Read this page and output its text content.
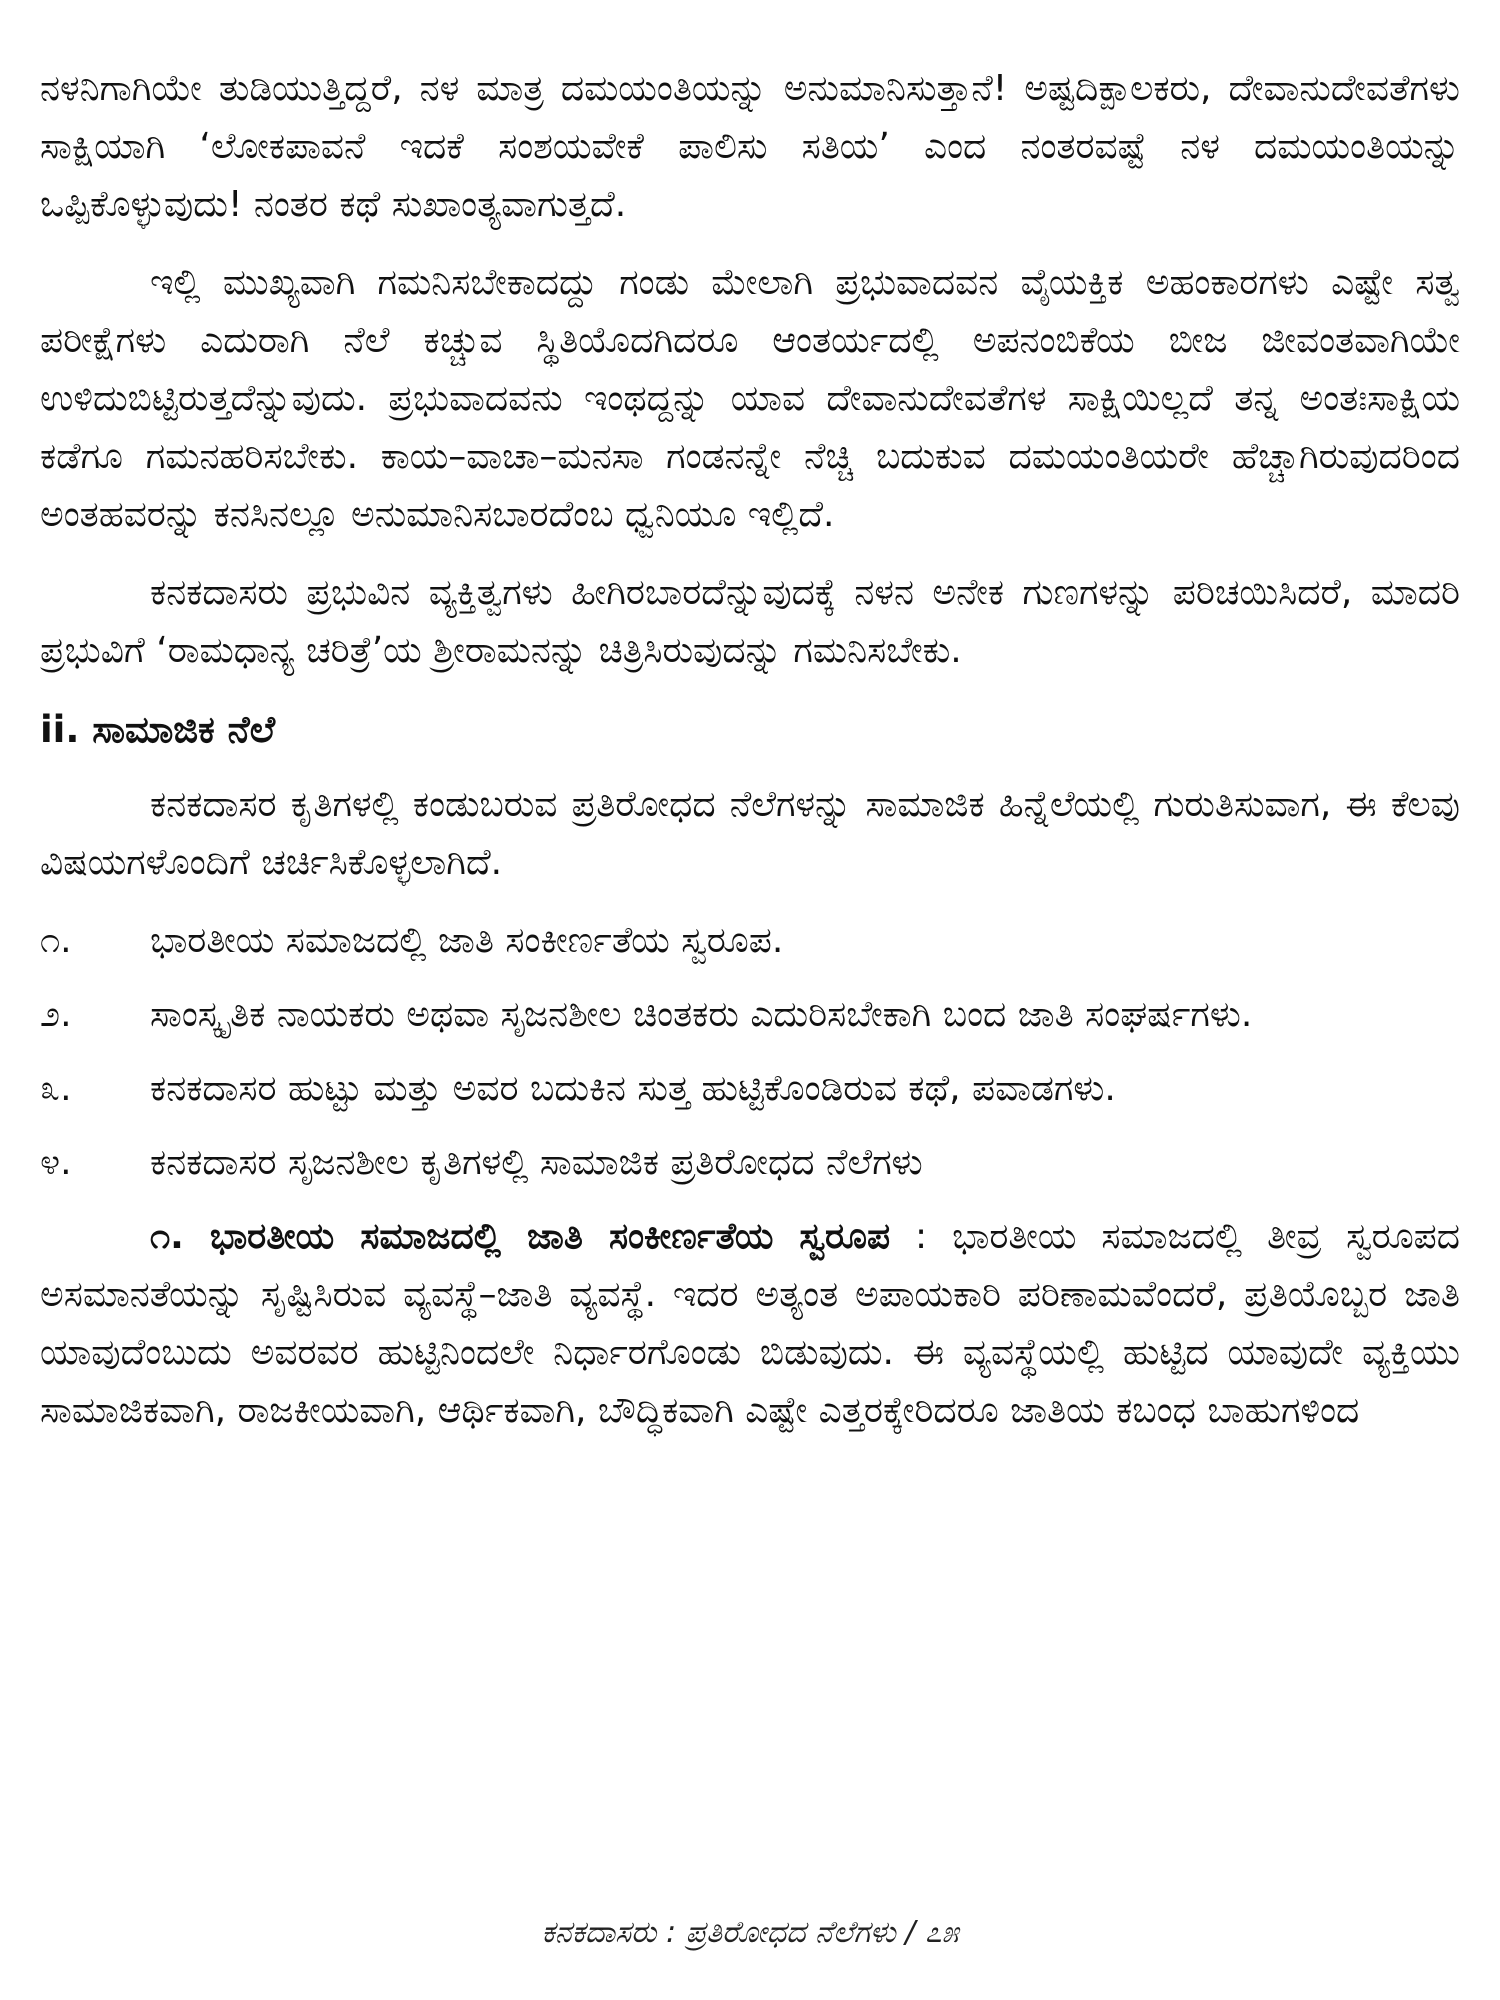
ನಳನಿಗಾಗಿಯೇ ತುಡಿಯುತ್ತಿದ್ದರೆ, ನಳ ಮಾತ್ರ ದಮಯಂತಿಯನ್ನು ಅನುಮಾನಿಸುತ್ತಾನೆ! ಅಷ್ಟದಿಕ್ಪಾಲಕರು, ದೇವಾನುದೇವತೆಗಳು ಸಾಕ್ಷಿಯಾಗಿ ‘ಲೋಕಪಾವನೆ ಇದಕೆ ಸಂಶಯವೇಕೆ ಪಾಲಿಸು ಸತಿಯ’ ಎಂದ ನಂತರವಷ್ಟೆ ನಳ ದಮಯಂತಿಯನ್ನು ಒಪ್ಪಿಕೊಳ್ಳುವುದು! ನಂತರ ಕಥೆ ಸುಖಾಂತ್ಯವಾಗುತ್ತದೆ.

ಇಲ್ಲಿ ಮುಖ್ಯವಾಗಿ ಗಮನಿಸಬೇಕಾದದ್ದು ಗಂಡು ಮೇಲಾಗಿ ಪ್ರಭುವಾದವನ ವೈಯಕ್ತಿಕ ಅಹಂಕಾರಗಳು ಎಷ್ಟೇ ಸತ್ವ ಪರೀಕ್ಷೆಗಳು ಎದುರಾಗಿ ನೆಲೆ ಕಚ್ಚುವ ಸ್ಥಿತಿಯೊದಗಿದರೂ ಆಂತರ್ಯದಲ್ಲಿ ಅಪನಂಬಿಕೆಯ ಬೀಜ ಜೀವಂತವಾಗಿಯೇ ಉಳಿದುಬಿಟ್ಟಿರುತ್ತದೆನ್ನುವುದು. ಪ್ರಭುವಾದವನು ಇಂಥದ್ದನ್ನು ಯಾವ ದೇವಾನುದೇವತೆಗಳ ಸಾಕ್ಷಿಯಿಲ್ಲದೆ ತನ್ನ ಅಂತಃಸಾಕ್ಷಿಯ ಕಡೆಗೂ ಗಮನಹರಿಸಬೇಕು. ಕಾಯ–ವಾಚಾ–ಮನಸಾ ಗಂಡನನ್ನೇ ನೆಚ್ಚಿ ಬದುಕುವ ದಮಯಂತಿಯರೇ ಹೆಚ್ಚಾಗಿರುವುದರಿಂದ ಅಂತಹವರನ್ನು ಕನಸಿನಲ್ಲೂ ಅನುಮಾನಿಸಬಾರದೆಂಬ ಧ್ವನಿಯೂ ಇಲ್ಲಿದೆ.

ಕನಕದಾಸರು ಪ್ರಭುವಿನ ವ್ಯಕ್ತಿತ್ವಗಳು ಹೀಗಿರಬಾರದೆನ್ನುವುದಕ್ಕೆ ನಳನ ಅನೇಕ ಗುಣಗಳನ್ನು ಪರಿಚಯಿಸಿದರೆ, ಮಾದರಿ ಪ್ರಭುವಿಗೆ ‘ರಾಮಧಾನ್ಯ ಚರಿತ್ರೆ’ಯ ಶ್ರೀರಾಮನನ್ನು ಚಿತ್ರಿಸಿರುವುದನ್ನು ಗಮನಿಸಬೇಕು.

ii. ಸಾಮಾಜಿಕ ನೆಲೆ

ಕನಕದಾಸರ ಕೃತಿಗಳಲ್ಲಿ ಕಂಡುಬರುವ ಪ್ರತಿರೋಧದ ನೆಲೆಗಳನ್ನು ಸಾಮಾಜಿಕ ಹಿನ್ನೆಲೆಯಲ್ಲಿ ಗುರುತಿಸುವಾಗ, ಈ ಕೆಲವು ವಿಷಯಗಳೊಂದಿಗೆ ಚರ್ಚಿಸಿಕೊಳ್ಳಲಾಗಿದೆ.

೧.	ಭಾರತೀಯ ಸಮಾಜದಲ್ಲಿ ಜಾತಿ ಸಂಕೀರ್ಣತೆಯ ಸ್ವರೂಪ.
೨.	ಸಾಂಸ್ಕೃತಿಕ ನಾಯಕರು ಅಥವಾ ಸೃಜನಶೀಲ ಚಿಂತಕರು ಎದುರಿಸಬೇಕಾಗಿ ಬಂದ ಜಾತಿ ಸಂಘರ್ಷಗಳು.
೩.	ಕನಕದಾಸರ ಹುಟ್ಟು ಮತ್ತು ಅವರ ಬದುಕಿನ ಸುತ್ತ ಹುಟ್ಟಿಕೊಂಡಿರುವ ಕಥೆ, ಪವಾಡಗಳು.
೪.	ಕನಕದಾಸರ ಸೃಜನಶೀಲ ಕೃತಿಗಳಲ್ಲಿ ಸಾಮಾಜಿಕ ಪ್ರತಿರೋಧದ ನೆಲೆಗಳು

೧. ಭಾರತೀಯ ಸಮಾಜದಲ್ಲಿ ಜಾತಿ ಸಂಕೀರ್ಣತೆಯ ಸ್ವರೂಪ : ಭಾರತೀಯ ಸಮಾಜದಲ್ಲಿ ತೀವ್ರ ಸ್ವರೂಪದ ಅಸಮಾನತೆಯನ್ನು ಸೃಷ್ಟಿಸಿರುವ ವ್ಯವಸ್ಥೆ–ಜಾತಿ ವ್ಯವಸ್ಥೆ. ಇದರ ಅತ್ಯಂತ ಅಪಾಯಕಾರಿ ಪರಿಣಾಮವೆಂದರೆ, ಪ್ರತಿಯೊಬ್ಬರ ಜಾತಿ ಯಾವುದೆಂಬುದು ಅವರವರ ಹುಟ್ಟಿನಿಂದಲೇ ನಿರ್ಧಾರಗೊಂಡು ಬಿಡುವುದು. ಈ ವ್ಯವಸ್ಥೆಯಲ್ಲಿ ಹುಟ್ಟಿದ ಯಾವುದೇ ವ್ಯಕ್ತಿಯು ಸಾಮಾಜಿಕವಾಗಿ, ರಾಜಕೀಯವಾಗಿ, ಆರ್ಥಿಕವಾಗಿ, ಬೌದ್ಧಿಕವಾಗಿ ಎಷ್ಟೇ ಎತ್ತರಕ್ಕೇರಿದರೂ ಜಾತಿಯ ಕಬಂಧ ಬಾಹುಗಳಿಂದ

ಕನಕದಾಸರು : ಪ್ರತಿರೋಧದ ನೆಲೆಗಳು / ೭೫
